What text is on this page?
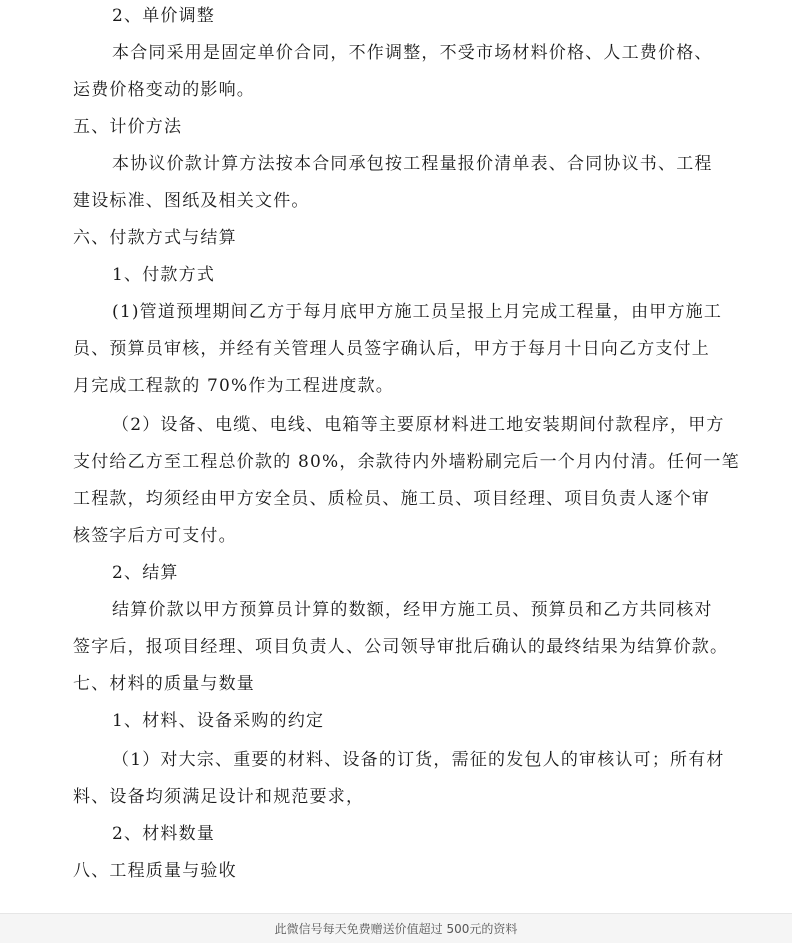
2、单价调整
本合同采用是固定单价合同，不作调整，不受市场材料价格、人工费价格、
运费价格变动的影响。
五、计价方法
本协议价款计算方法按本合同承包按工程量报价清单表、合同协议书、工程
建设标准、图纸及相关文件。
六、付款方式与结算
1、付款方式
(1)管道预埋期间乙方于每月底甲方施工员呈报上月完成工程量，由甲方施工
员、预算员审核，并经有关管理人员签字确认后，甲方于每月十日向乙方支付上
月完成工程款的 70%作为工程进度款。
（2）设备、电缆、电线、电箱等主要原材料进工地安装期间付款程序，甲方
支付给乙方至工程总价款的 80%，余款待内外墙粉刷完后一个月内付清。任何一笔
工程款，均须经由甲方安全员、质检员、施工员、项目经理、项目负责人逐个审
核签字后方可支付。
2、结算
结算价款以甲方预算员计算的数额，经甲方施工员、预算员和乙方共同核对
签字后，报项目经理、项目负责人、公司领导审批后确认的最终结果为结算价款。
七、材料的质量与数量
1、材料、设备采购的约定
（1）对大宗、重要的材料、设备的订货，需征的发包人的审核认可；所有材
料、设备均须满足设计和规范要求，
2、材料数量
八、工程质量与验收
此微信号每天免费赠送价值超过 500元的资料
